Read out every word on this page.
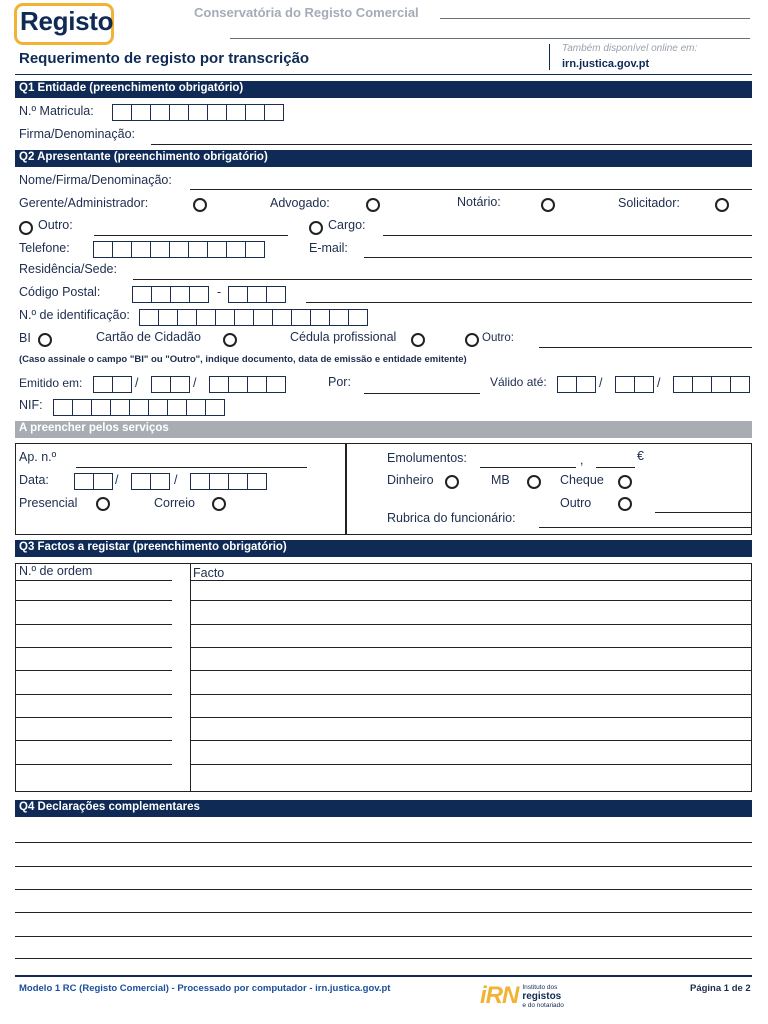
Registo	Conservatória do Registo Comercial
Requerimento de registo por transcrição
Também disponível online em:
irn.justica.gov.pt
Q1 Entidade (preenchimento obrigatório)
N.º Matricula:
Firma/Denominação:
Q2 Apresentante (preenchimento obrigatório)
Nome/Firma/Denominação:
Gerente/Administrador:	Advogado:	Notário:	Solicitador:
Outro:	Cargo:
Telefone:	E-mail:
Residência/Sede:
Código Postal:	-
N.º de identificação:
BI	Cartão de Cidadão	Cédula profissional	Outro:
(Caso assinale o campo "BI" ou "Outro", indique documento, data de emissão e entidade emitente)
Emitido em:	/	/	Por:	Válido até:	/	/
NIF:
A preencher pelos serviços
Ap. n.º
Data:	/	/
Presencial	Correio
Emolumentos:	,	€
Dinheiro	MB	Cheque
Outro
Rubrica do funcionário:
Q3 Factos a registar (preenchimento obrigatório)
N.º de ordem	Facto
Q4 Declarações complementares
Modelo 1 RC (Registo Comercial) - Processado por computador - irn.justica.gov.pt	iRN Instituto dos
registos
e do notariado
Página 1 de 2
